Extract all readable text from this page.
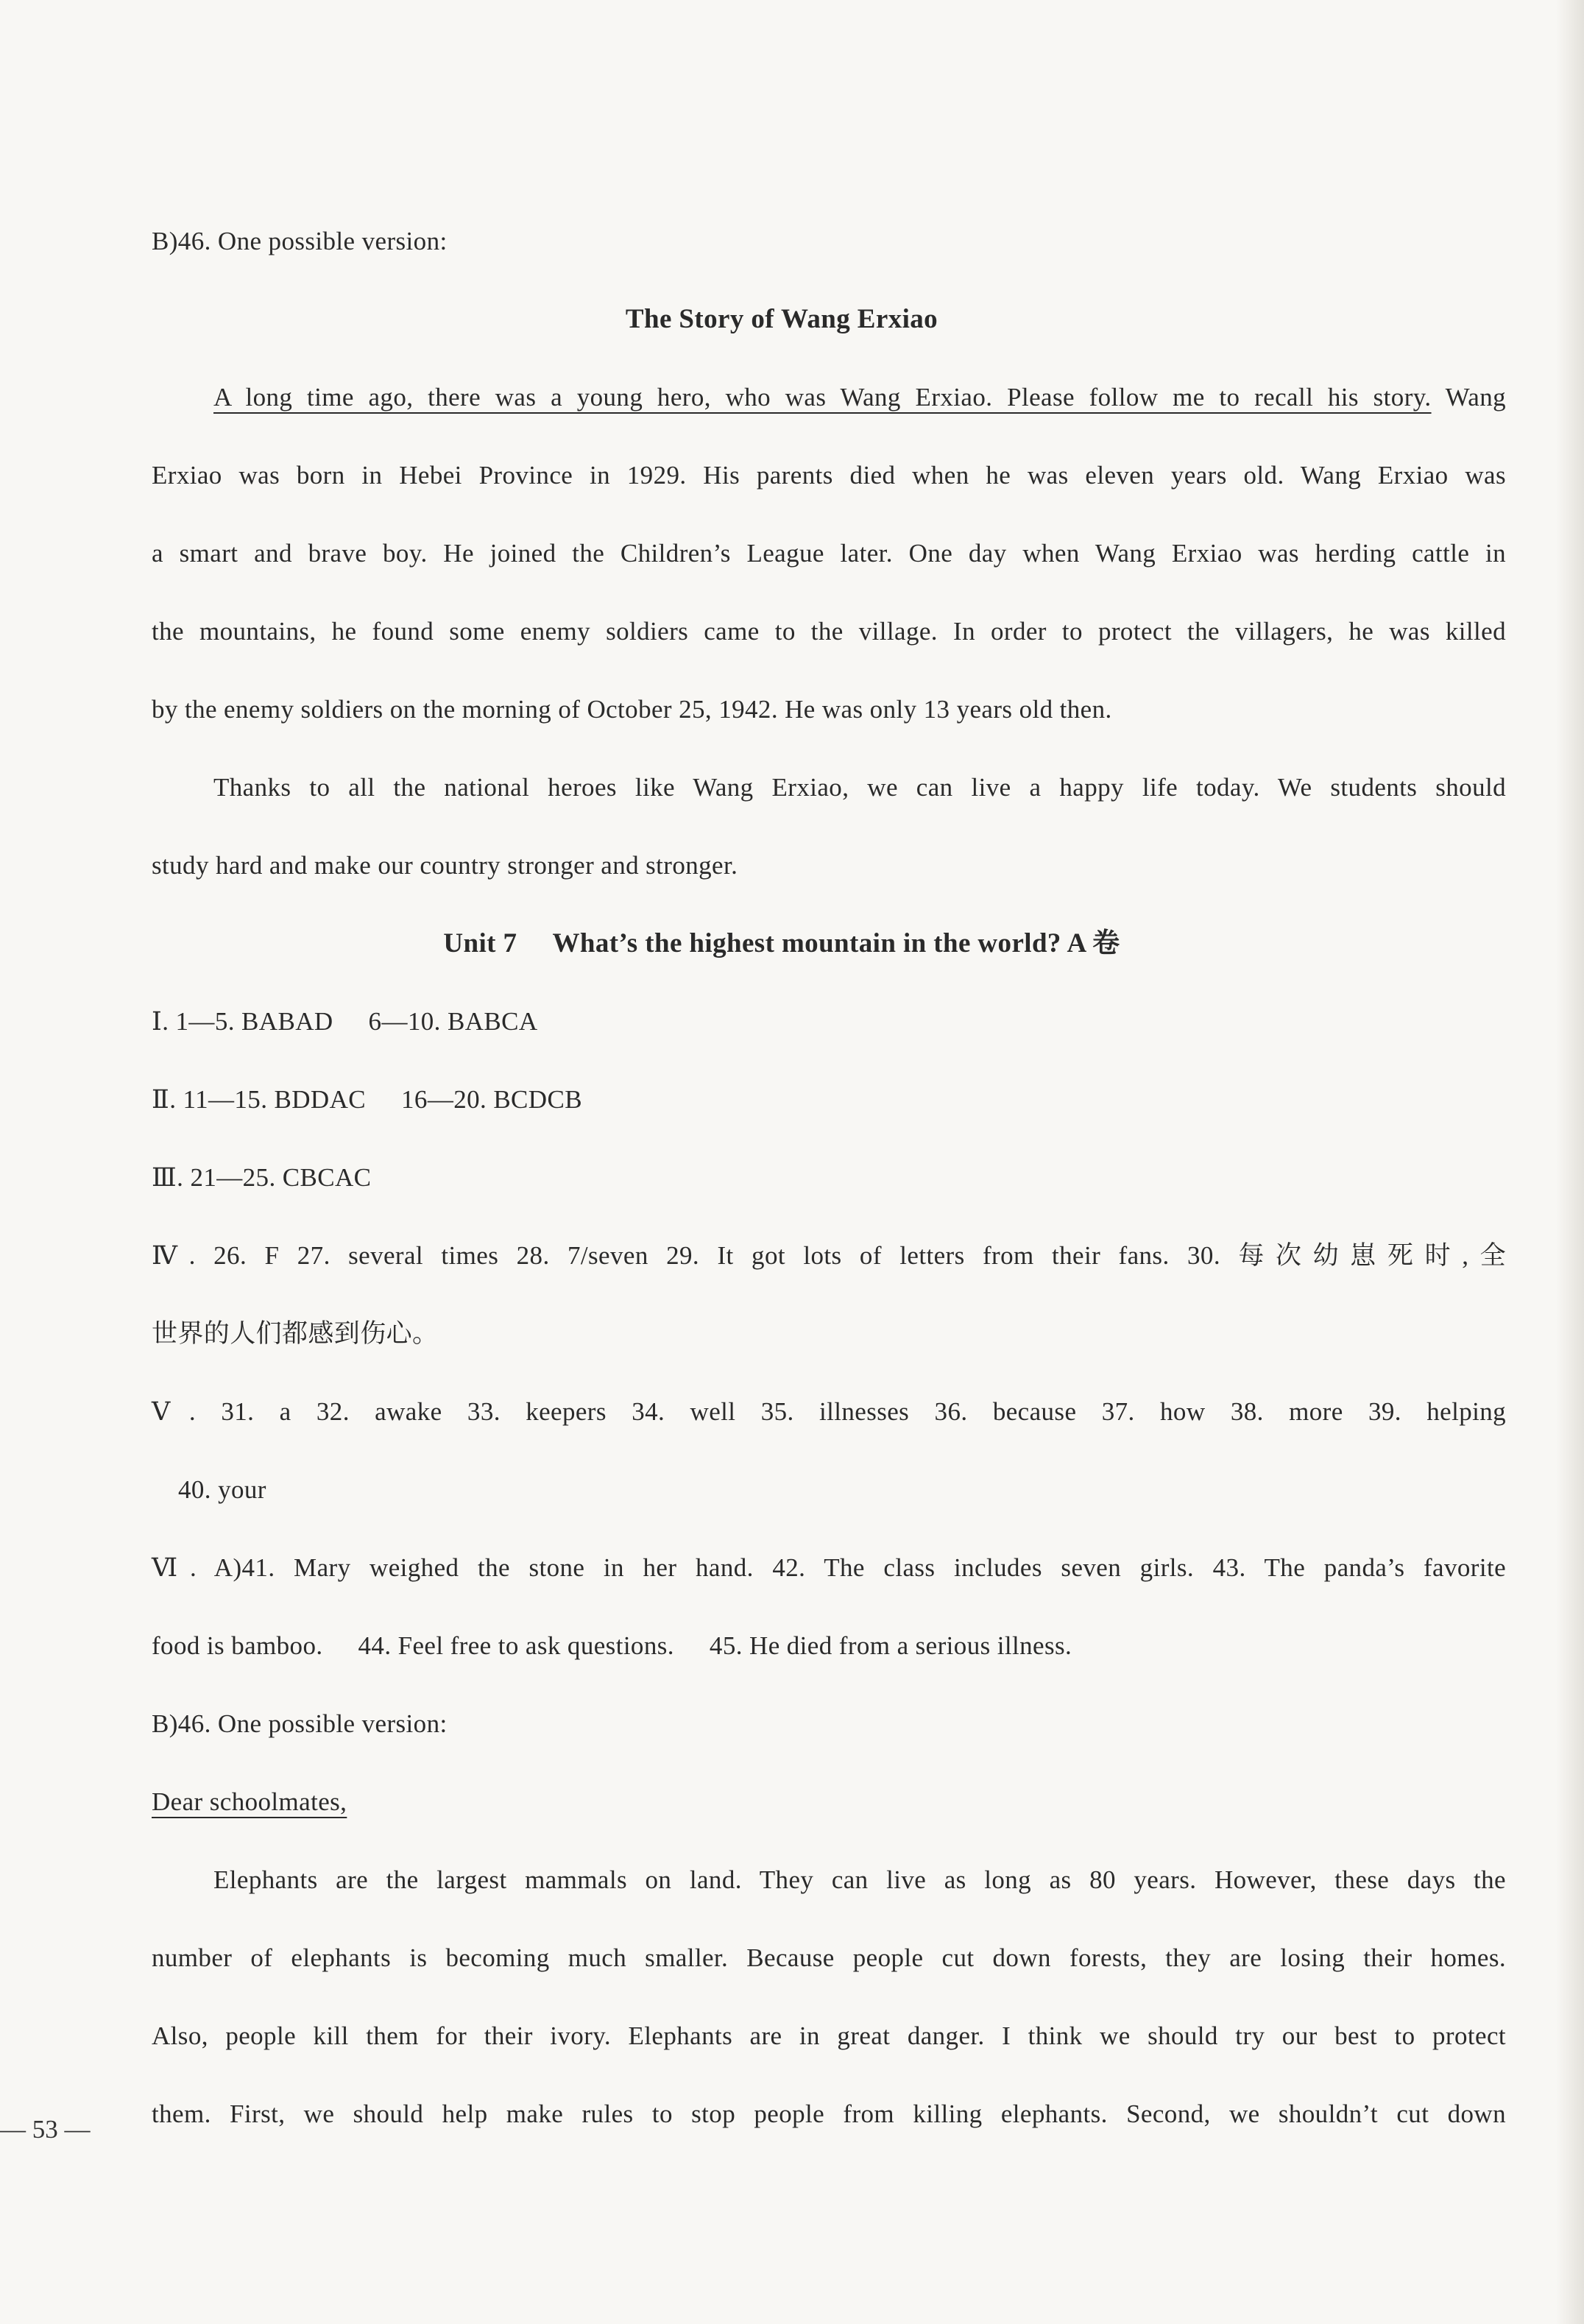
B)46. One possible version:
The Story of Wang Erxiao
A long time ago, there was a young hero, who was Wang Erxiao. Please follow me to recall his story. Wang
Erxiao was born in Hebei Province in 1929. His parents died when he was eleven years old. Wang Erxiao was
a smart and brave boy. He joined the Children’s League later. One day when Wang Erxiao was herding cattle in
the mountains, he found some enemy soldiers came to the village. In order to protect the villagers, he was killed
by the enemy soldiers on the morning of October 25, 1942. He was only 13 years old then.
Thanks to all the national heroes like Wang Erxiao, we can live a happy life today. We students should
study hard and make our country stronger and stronger.
Unit 7 What’s the highest mountain in the world? A 卷
Ⅰ. 1—5. BABAD 6—10. BABCA
Ⅱ. 11—15. BDDAC 16—20. BCDCB
Ⅲ. 21—25. CBCAC
Ⅳ. 26. F 27. several times 28. 7/seven 29. It got lots of letters from their fans. 30. 每次幼崽死时,全
世界的人们都感到伤心。
Ⅴ. 31. a 32. awake 33. keepers 34. well 35. illnesses 36. because 37. how 38. more 39. helping
40. your
Ⅵ. A)41. Mary weighed the stone in her hand. 42. The class includes seven girls. 43. The panda’s favorite
food is bamboo. 44. Feel free to ask questions. 45. He died from a serious illness.
B)46. One possible version:
Dear schoolmates,
Elephants are the largest mammals on land. They can live as long as 80 years. However, these days the
number of elephants is becoming much smaller. Because people cut down forests, they are losing their homes.
Also, people kill them for their ivory. Elephants are in great danger. I think we should try our best to protect
them. First, we should help make rules to stop people from killing elephants. Second, we shouldn’t cut down
— 53 —
